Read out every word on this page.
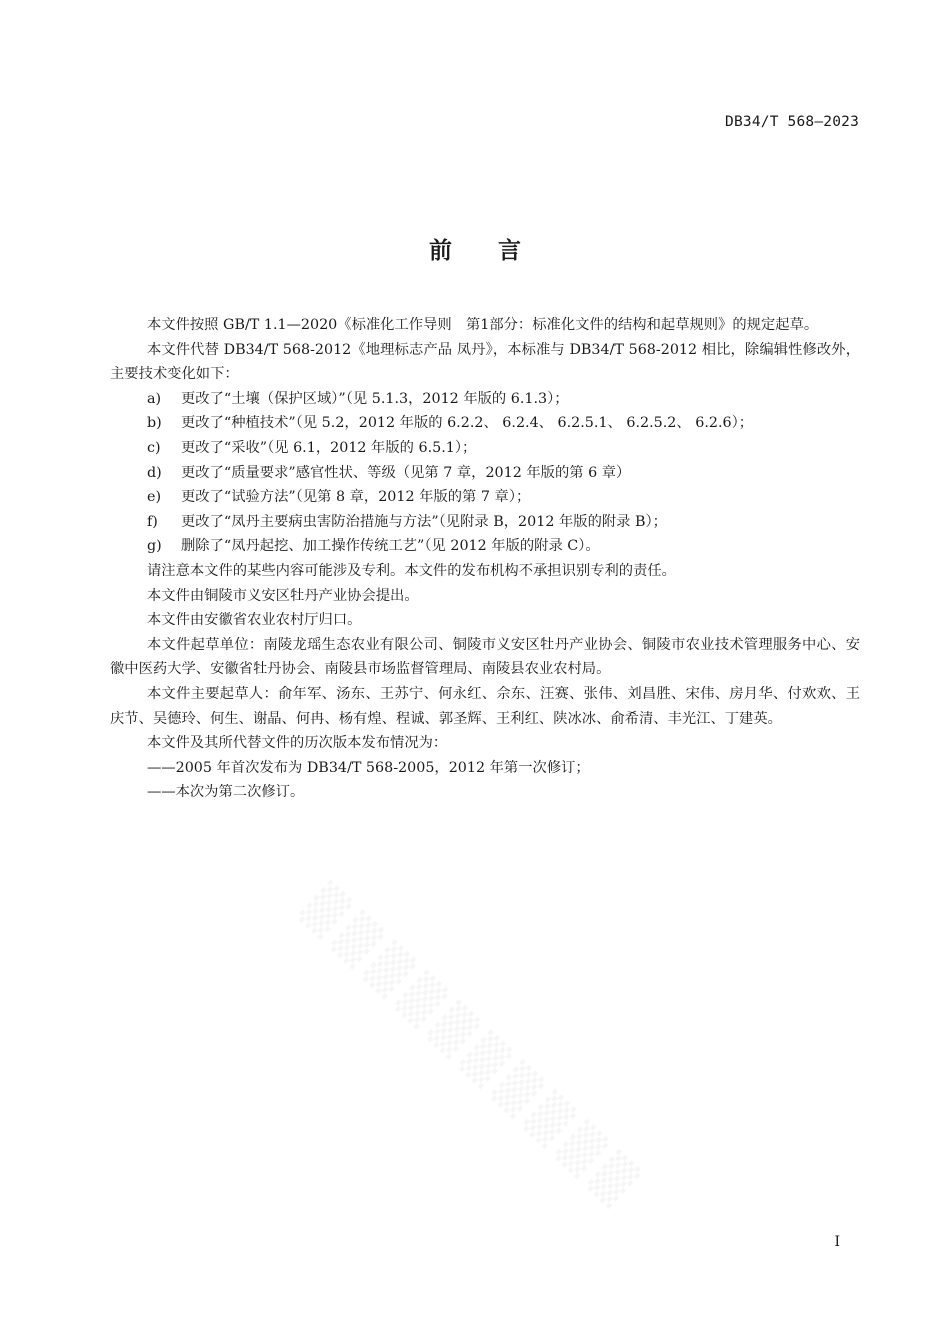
DB34/T 568—2023
前言

本文件按照 GB/T 1.1—2020《标准化工作导则　第1部分：标准化文件的结构和起草规则》的规定起草。

本文件代替 DB34/T 568-2012《地理标志产品 凤丹》，本标准与 DB34/T 568-2012 相比，除编辑性修改外，主要技术变化如下：

a) 更改了“土壤（保护区域）”（见 5.1.3，2012 年版的 6.1.3）；
b) 更改了“种植技术”（见 5.2，2012 年版的 6.2.2、 6.2.4、 6.2.5.1、 6.2.5.2、 6.2.6）；
c) 更改了“采收”（见 6.1，2012 年版的 6.5.1）；
d) 更改了“质量要求”感官性状、等级（见第 7 章，2012 年版的第 6 章）
e) 更改了“试验方法”（见第 8 章，2012 年版的第 7 章）；
f) 更改了“凤丹主要病虫害防治措施与方法”（见附录 B，2012 年版的附录 B）；
g) 删除了“凤丹起挖、加工操作传统工艺”（见 2012 年版的附录 C）。

请注意本文件的某些内容可能涉及专利。本文件的发布机构不承担识别专利的责任。

本文件由铜陵市义安区牡丹产业协会提出。

本文件由安徽省农业农村厅归口。

本文件起草单位：南陵龙瑶生态农业有限公司、铜陵市义安区牡丹产业协会、铜陵市农业技术管理服务中心、安徽中医药大学、安徽省牡丹协会、南陵县市场监督管理局、南陵县农业农村局。

本文件主要起草人：俞年军、汤东、王苏宁、何永红、佘东、汪赛、张伟、刘昌胜、宋伟、房月华、付欢欢、王庆节、吴德玲、何生、谢晶、何冉、杨有煌、程诚、郭圣辉、王利红、陕冰冰、俞希清、丰光江、丁建英。

本文件及其所代替文件的历次版本发布情况为：

——2005 年首次发布为 DB34/T 568-2005，2012 年第一次修订；

——本次为第二次修订。

I
